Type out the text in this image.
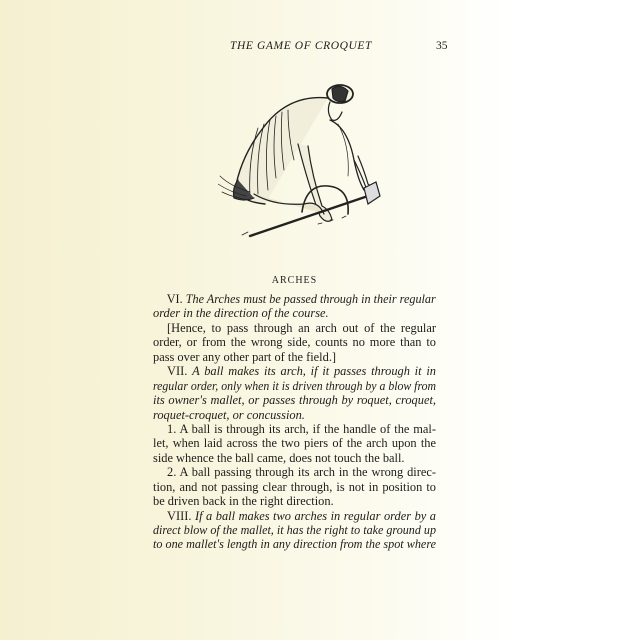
THE GAME OF CROQUET	35
ARCHES
VI. The Arches must be passed through in their regular
order in the direction of the course.
[Hence, to pass through an arch out of the regular
order, or from the wrong side, counts no more than to
pass over any other part of the field.]
VII. A ball makes its arch, if it passes through it in
regular order, only when it is driven through by a blow from
its owner's mallet, or passes through by roquet, croquet,
roquet-croquet, or concussion.
1. A ball is through its arch, if the handle of the mal-
let, when laid across the two piers of the arch upon the
side whence the ball came, does not touch the ball.
2. A ball passing through its arch in the wrong direc-
tion, and not passing clear through, is not in position to
be driven back in the right direction.
VIII. If a ball makes two arches in regular order by a
direct blow of the mallet, it has the right to take ground up
to one mallet's length in any direction from the spot where
